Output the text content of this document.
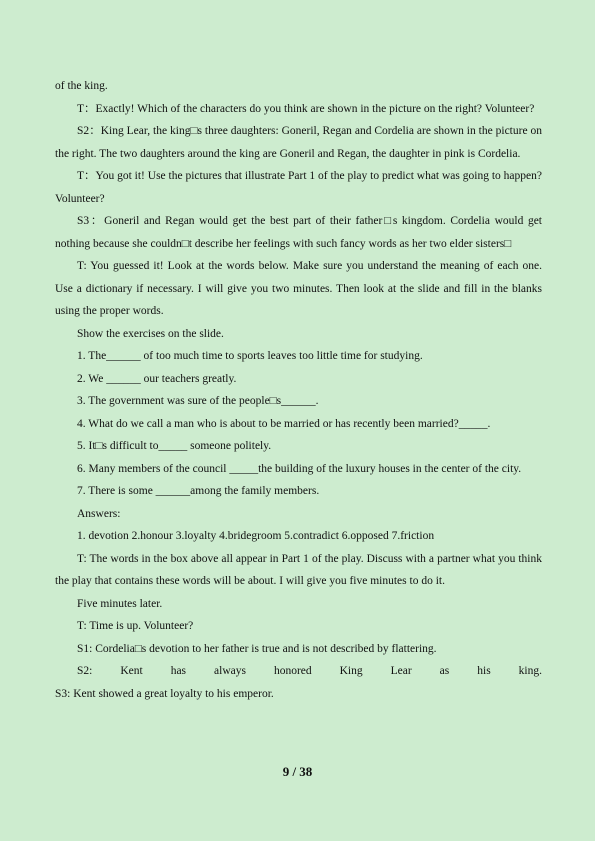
of the king.

T：Exactly! Which of the characters do you think are shown in the picture on the right? Volunteer?

S2：King Lear, the king□s three daughters: Goneril, Regan and Cordelia are shown in the picture on the right. The two daughters around the king are Goneril and Regan, the daughter in pink is Cordelia.

T：You got it! Use the pictures that illustrate Part 1 of the play to predict what was going to happen? Volunteer?

S3：Goneril and Regan would get the best part of their father□s kingdom. Cordelia would get nothing because she couldn□t describe her feelings with such fancy words as her two elder sisters□

T: You guessed it! Look at the words below. Make sure you understand the meaning of each one. Use a dictionary if necessary. I will give you two minutes. Then look at the slide and fill in the blanks using the proper words.

Show the exercises on the slide.

1. The______ of too much time to sports leaves too little time for studying.

2. We ______ our teachers greatly.

3. The government was sure of the people□s______.

4. What do we call a man who is about to be married or has recently been married?_____.

5. It□s difficult to_____ someone politely.

6. Many members of the council _____the building of the luxury houses in the center of the city.

7. There is some ______among the family members.

Answers:

1. devotion 2.honour 3.loyalty 4.bridegroom 5.contradict 6.opposed 7.friction

T: The words in the box above all appear in Part 1 of the play. Discuss with a partner what you think the play that contains these words will be about. I will give you five minutes to do it.

Five minutes later.

T: Time is up. Volunteer?

S1: Cordelia□s devotion to her father is true and is not described by flattering.

S2: Kent has always honored King Lear as his king.

S3: Kent showed a great loyalty to his emperor.

9 / 38
